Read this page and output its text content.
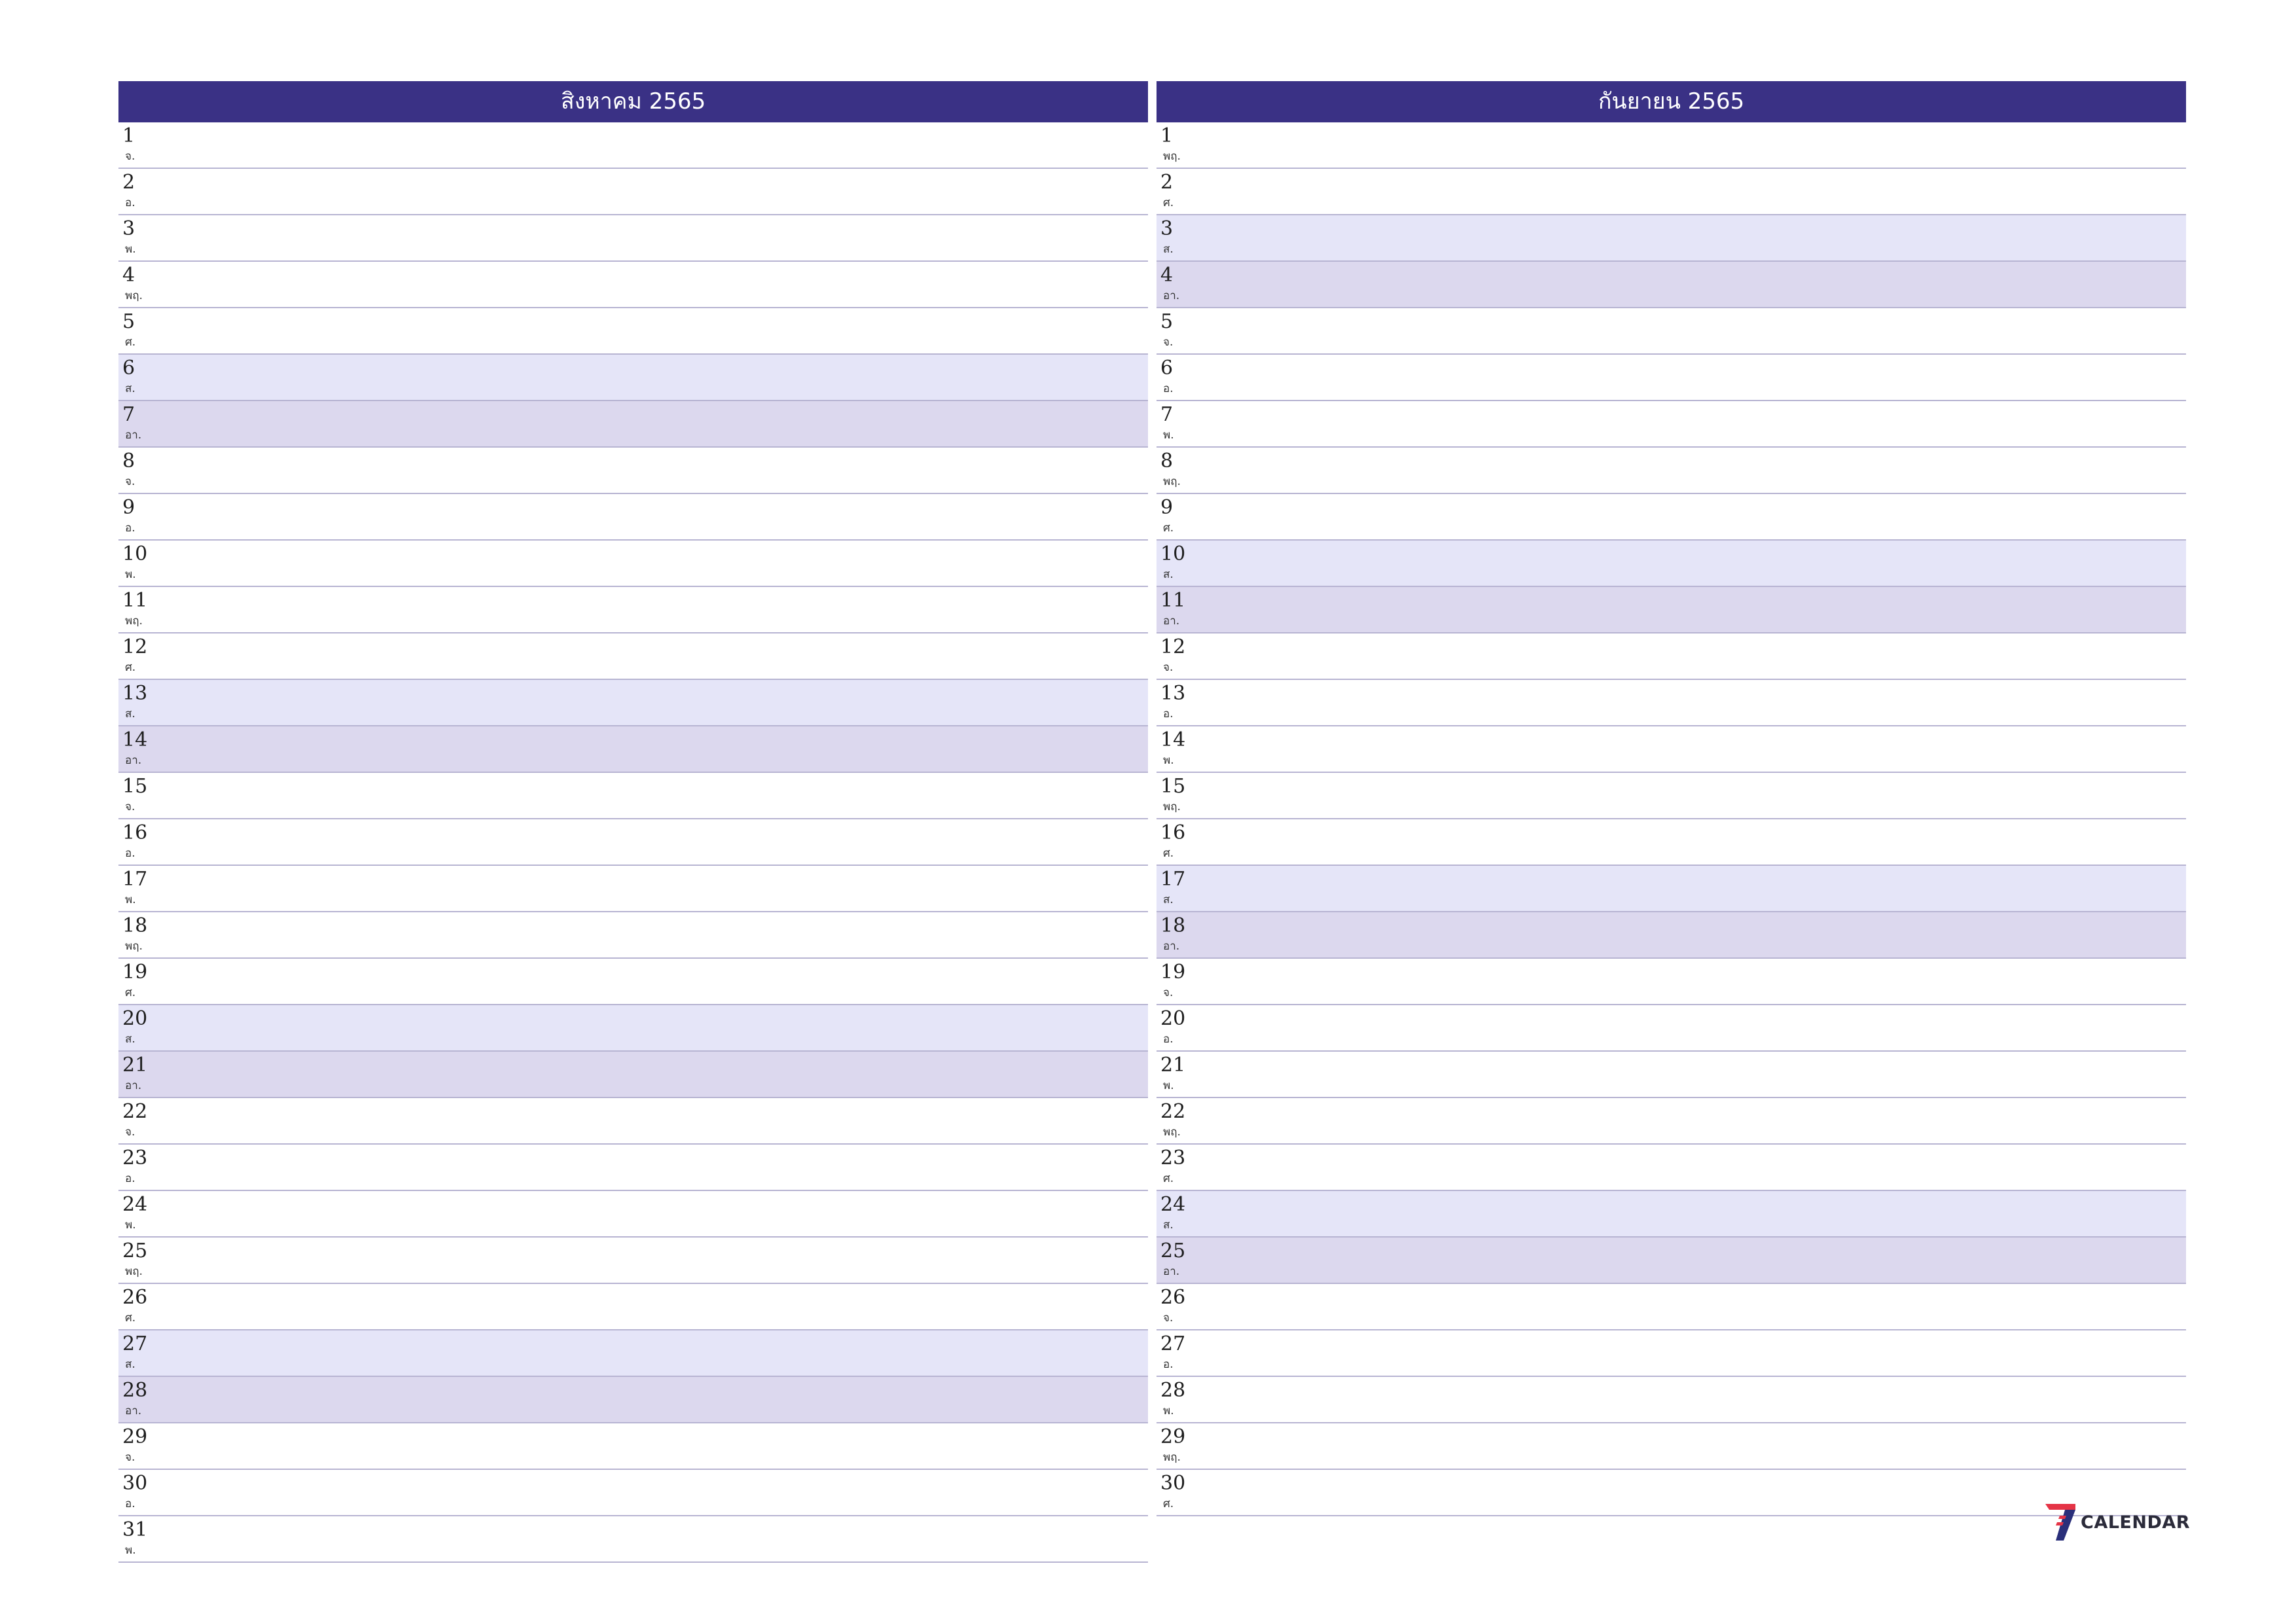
สิงหาคม 2565
1
จ.
2
อ.
3
พ.
4
พฤ.
5
ศ.
6
ส.
7
อา.
8
จ.
9
อ.
10
พ.
11
พฤ.
12
ศ.
13
ส.
14
อา.
15
จ.
16
อ.
17
พ.
18
พฤ.
19
ศ.
20
ส.
21
อา.
22
จ.
23
อ.
24
พ.
25
พฤ.
26
ศ.
27
ส.
28
อา.
29
จ.
30
อ.
31
พ.
กันยายน 2565
1
พฤ.
2
ศ.
3
ส.
4
อา.
5
จ.
6
อ.
7
พ.
8
พฤ.
9
ศ.
10
ส.
11
อา.
12
จ.
13
อ.
14
พ.
15
พฤ.
16
ศ.
17
ส.
18
อา.
19
จ.
20
อ.
21
พ.
22
พฤ.
23
ศ.
24
ส.
25
อา.
26
จ.
27
อ.
28
พ.
29
พฤ.
30
ศ.
CALENDAR
